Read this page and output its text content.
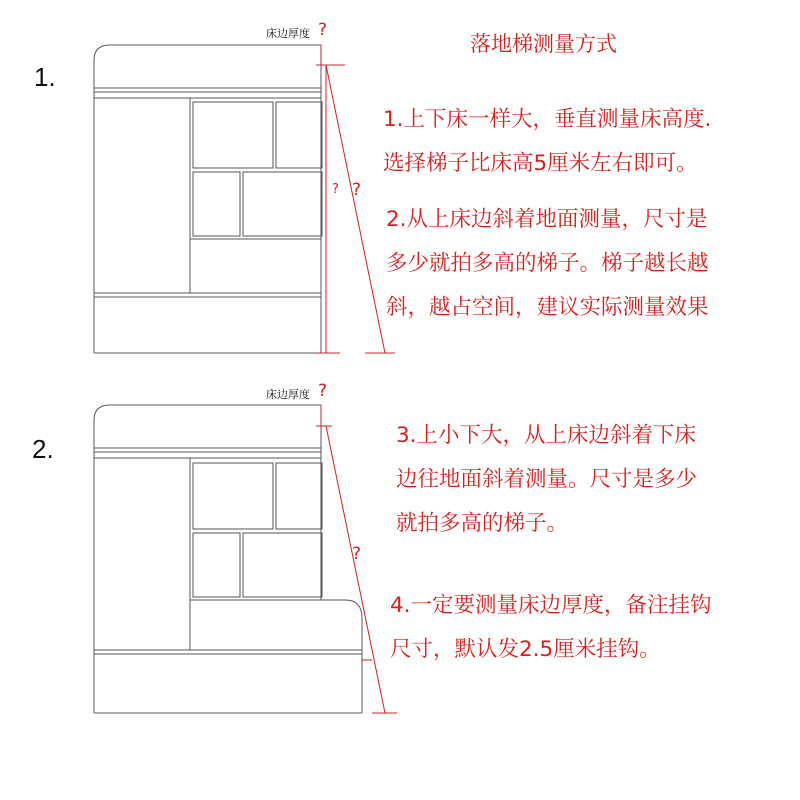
落地梯测量方式
1.
2.
床边厚度 ?
? ?
床边厚度 ?
?
1.上下床一样大，垂直测量床高度.
选择梯子比床高5厘米左右即可。
2.从上床边斜着地面测量，尺寸是
多少就拍多高的梯子。梯子越长越
斜，越占空间，建议实际测量效果
3.上小下大，从上床边斜着下床
边往地面斜着测量。尺寸是多少
就拍多高的梯子。
4.一定要测量床边厚度，备注挂钩
尺寸，默认发2.5厘米挂钩。
